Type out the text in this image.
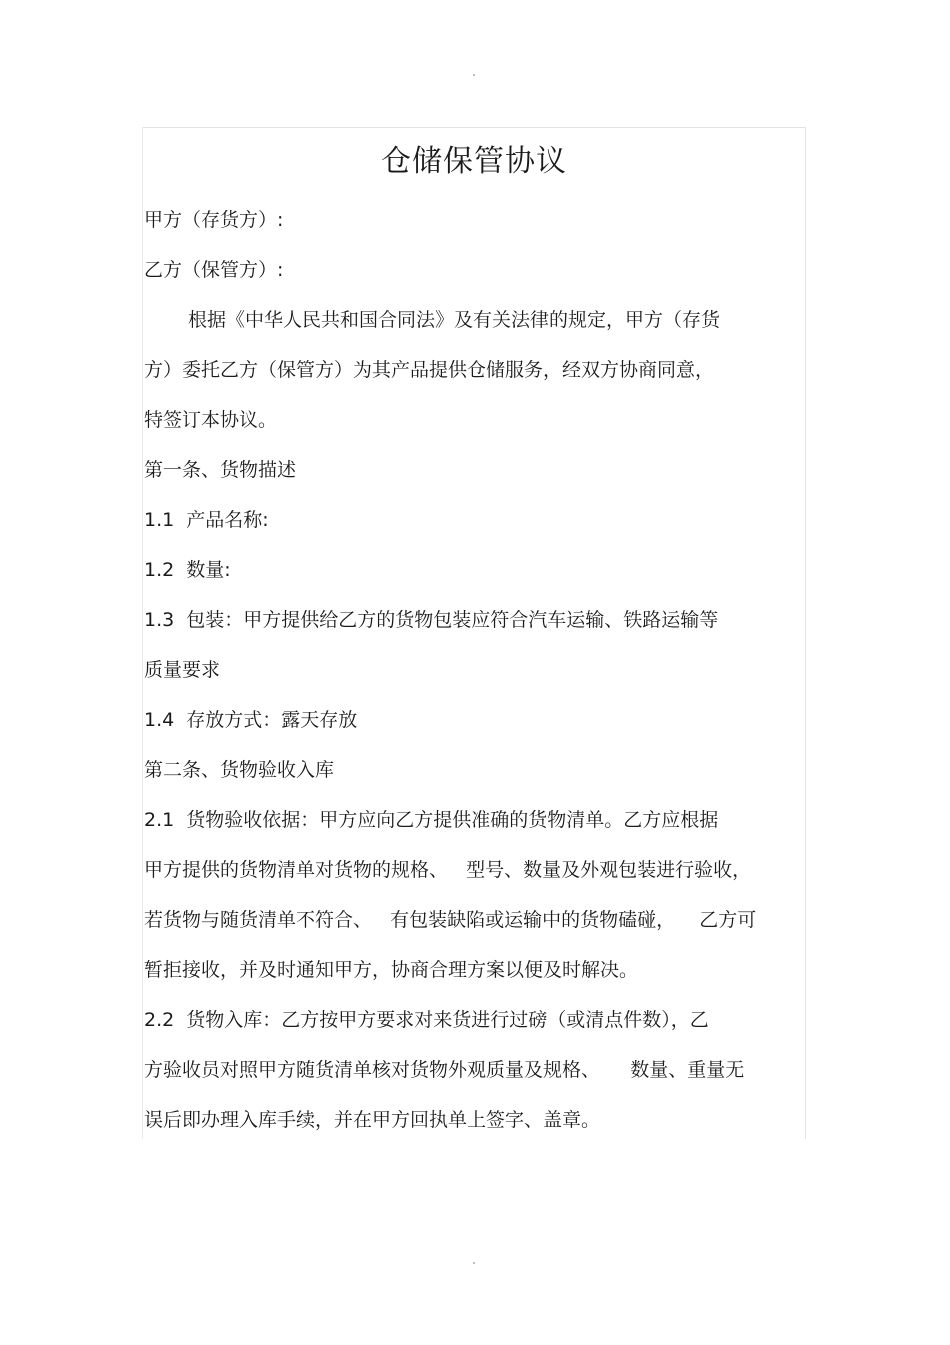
仓储保管协议
甲方（存货方）:
乙方（保管方）:
根据《中华人民共和国合同法》及有关法律的规定，甲方（存货
方）委托乙方（保管方）为其产品提供仓储服务，经双方协商同意，
特签订本协议。
第一条、货物描述
1.1  产品名称:
1.2  数量:
1.3  包装：甲方提供给乙方的货物包装应符合汽车运输、铁路运输等
质量要求
1.4  存放方式：露天存放
第二条、货物验收入库
2.1  货物验收依据：甲方应向乙方提供准确的货物清单。乙方应根据
甲方提供的货物清单对货物的规格、   型号、数量及外观包装进行验收，
若货物与随货清单不符合、   有包装缺陷或运输中的货物磕碰，    乙方可
暂拒接收，并及时通知甲方，协商合理方案以便及时解决。
2.2  货物入库：乙方按甲方要求对来货进行过磅（或清点件数），乙
方验收员对照甲方随货清单核对货物外观质量及规格、     数量、重量无
误后即办理入库手续，并在甲方回执单上签字、盖章。
